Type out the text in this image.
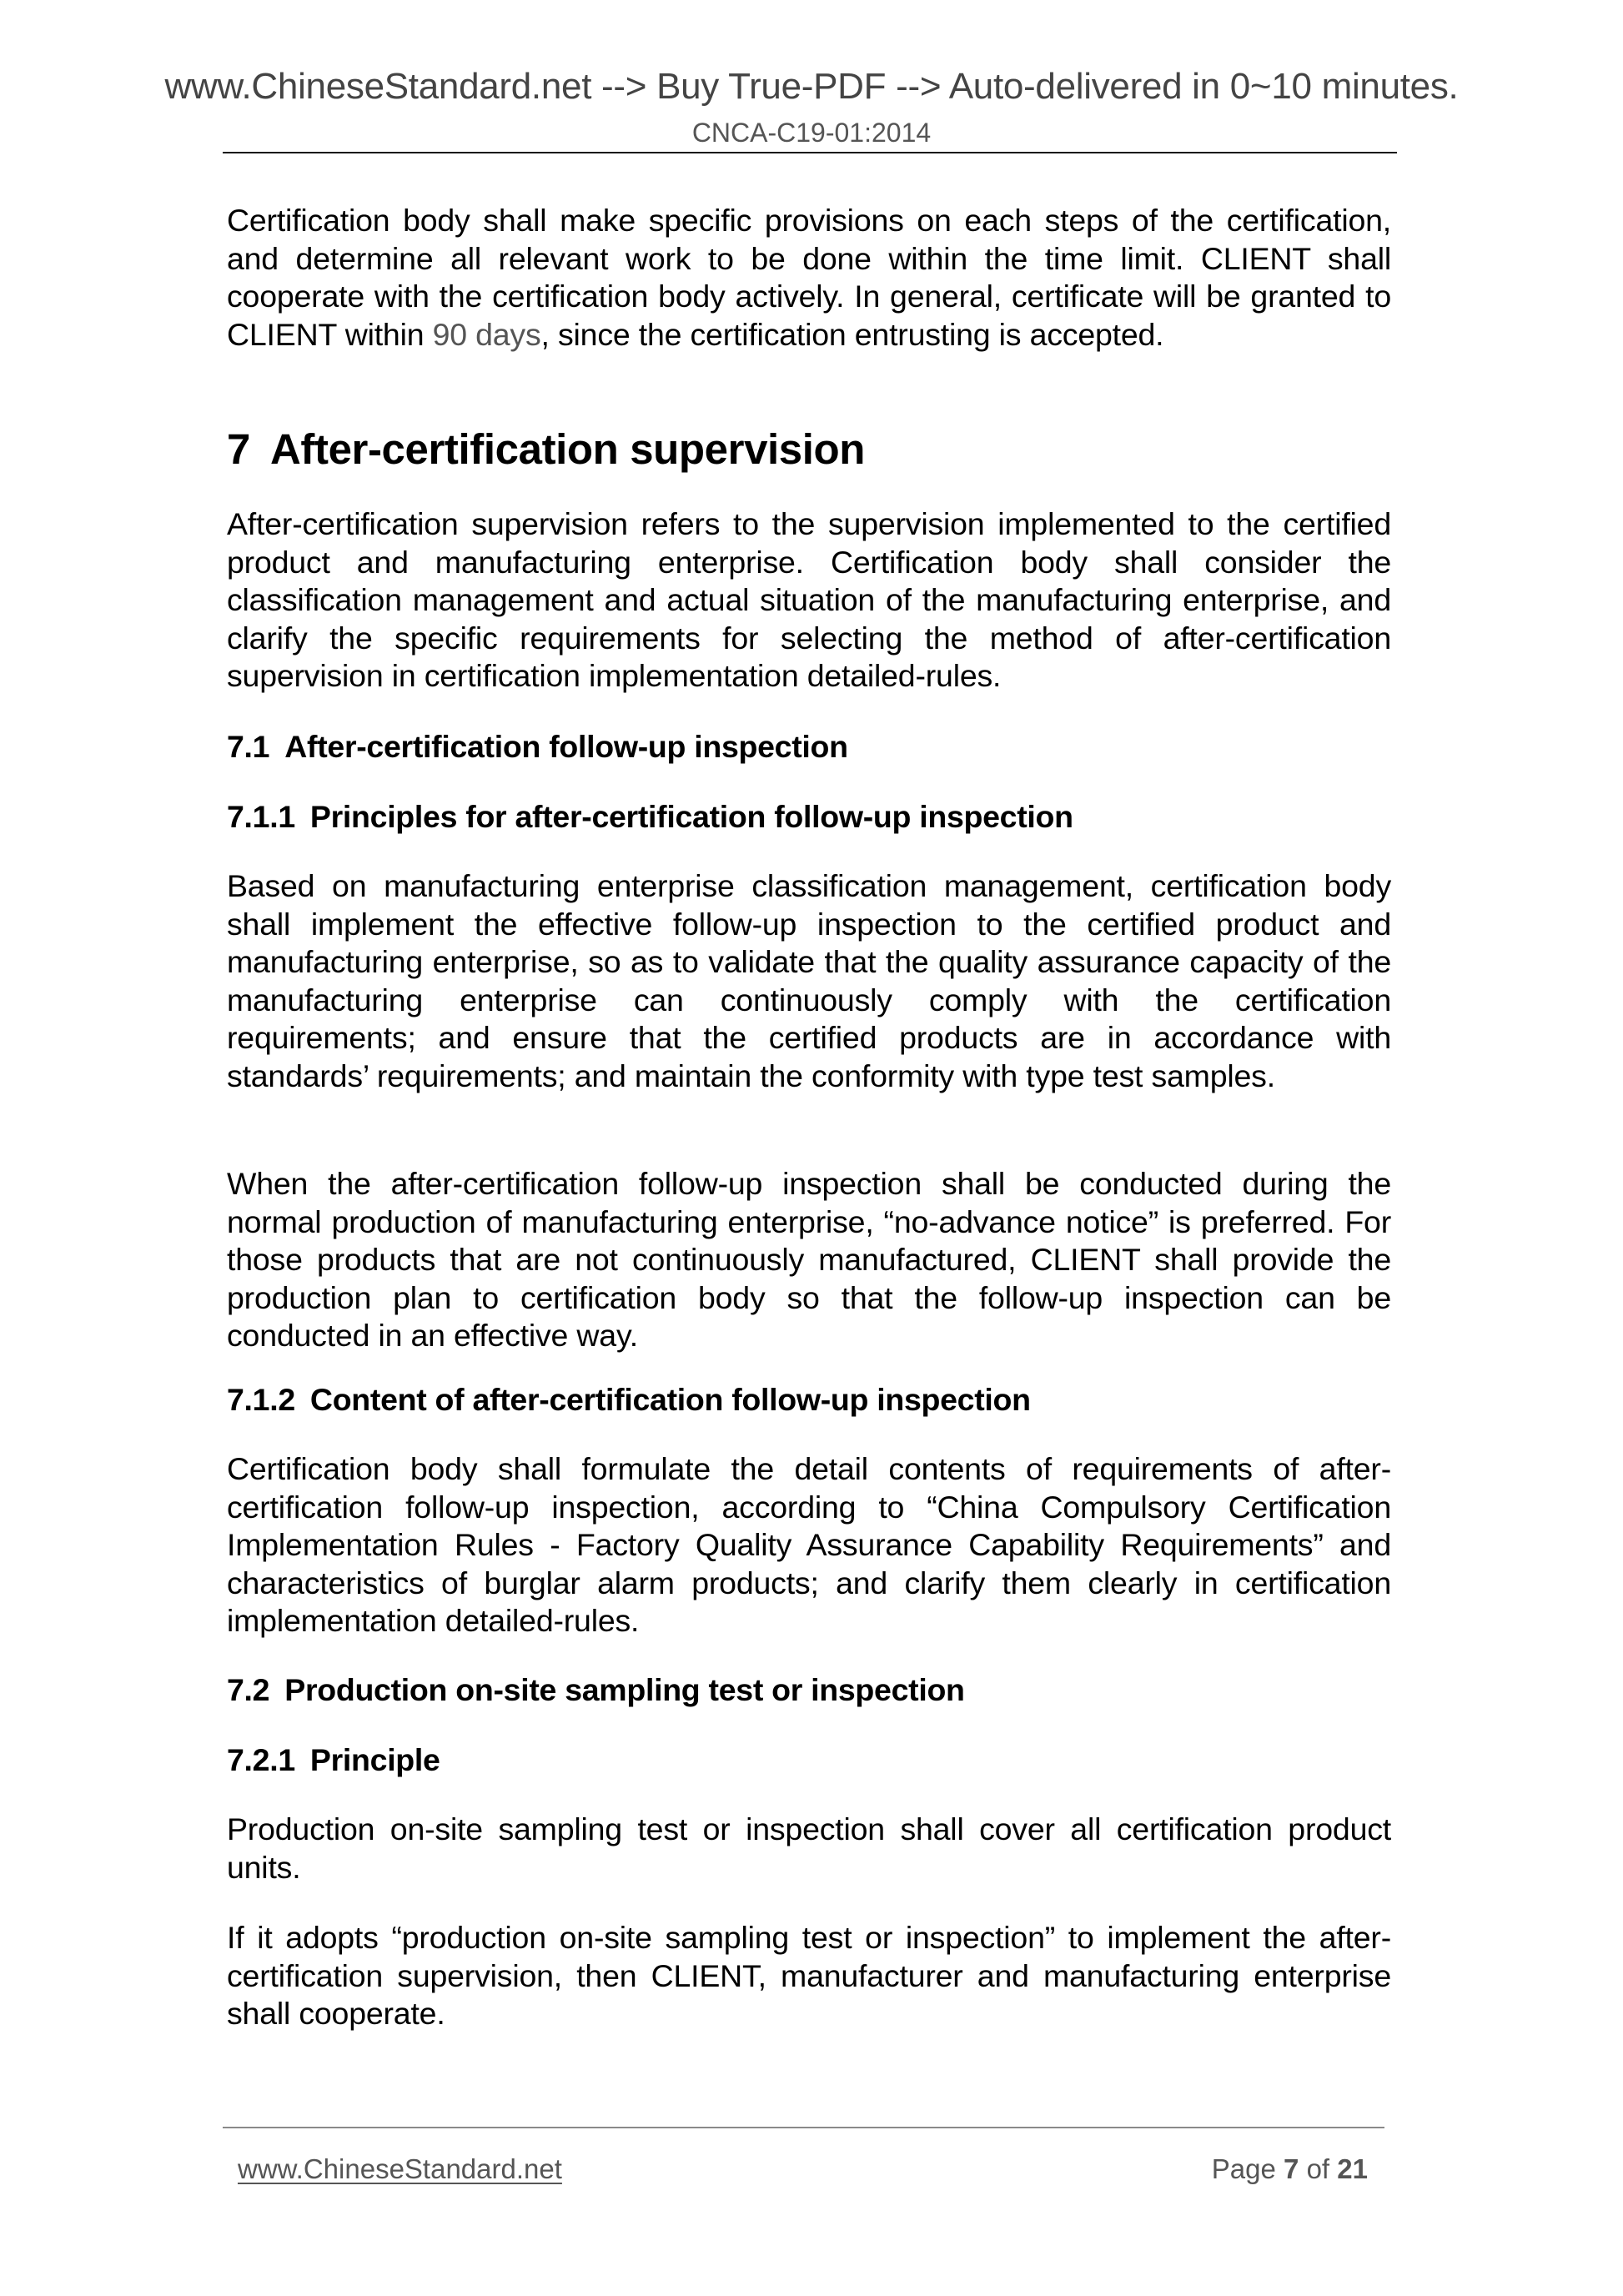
www.ChineseStandard.net --> Buy True-PDF --> Auto-delivered in 0~10 minutes.
CNCA-C19-01:2014

Certification body shall make specific provisions on each steps of the certification, and determine all relevant work to be done within the time limit. CLIENT shall cooperate with the certification body actively. In general, certificate will be granted to CLIENT within 90 days, since the certification entrusting is accepted.

7 After-certification supervision

After-certification supervision refers to the supervision implemented to the certified product and manufacturing enterprise. Certification body shall consider the classification management and actual situation of the manufacturing enterprise, and clarify the specific requirements for selecting the method of after-certification supervision in certification implementation detailed-rules.

7.1 After-certification follow-up inspection
7.1.1 Principles for after-certification follow-up inspection

Based on manufacturing enterprise classification management, certification body shall implement the effective follow-up inspection to the certified product and manufacturing enterprise, so as to validate that the quality assurance capacity of the manufacturing enterprise can continuously comply with the certification requirements; and ensure that the certified products are in accordance with standards’ requirements; and maintain the conformity with type test samples.

When the after-certification follow-up inspection shall be conducted during the normal production of manufacturing enterprise, “no-advance notice” is preferred. For those products that are not continuously manufactured, CLIENT shall provide the production plan to certification body so that the follow-up inspection can be conducted in an effective way.

7.1.2 Content of after-certification follow-up inspection

Certification body shall formulate the detail contents of requirements of after-certification follow-up inspection, according to “China Compulsory Certification Implementation Rules - Factory Quality Assurance Capability Requirements” and characteristics of burglar alarm products; and clarify them clearly in certification implementation detailed-rules.

7.2 Production on-site sampling test or inspection
7.2.1 Principle

Production on-site sampling test or inspection shall cover all certification product units.

If it adopts “production on-site sampling test or inspection” to implement the after-certification supervision, then CLIENT, manufacturer and manufacturing enterprise shall cooperate.

www.ChineseStandard.net	Page 7 of 21
